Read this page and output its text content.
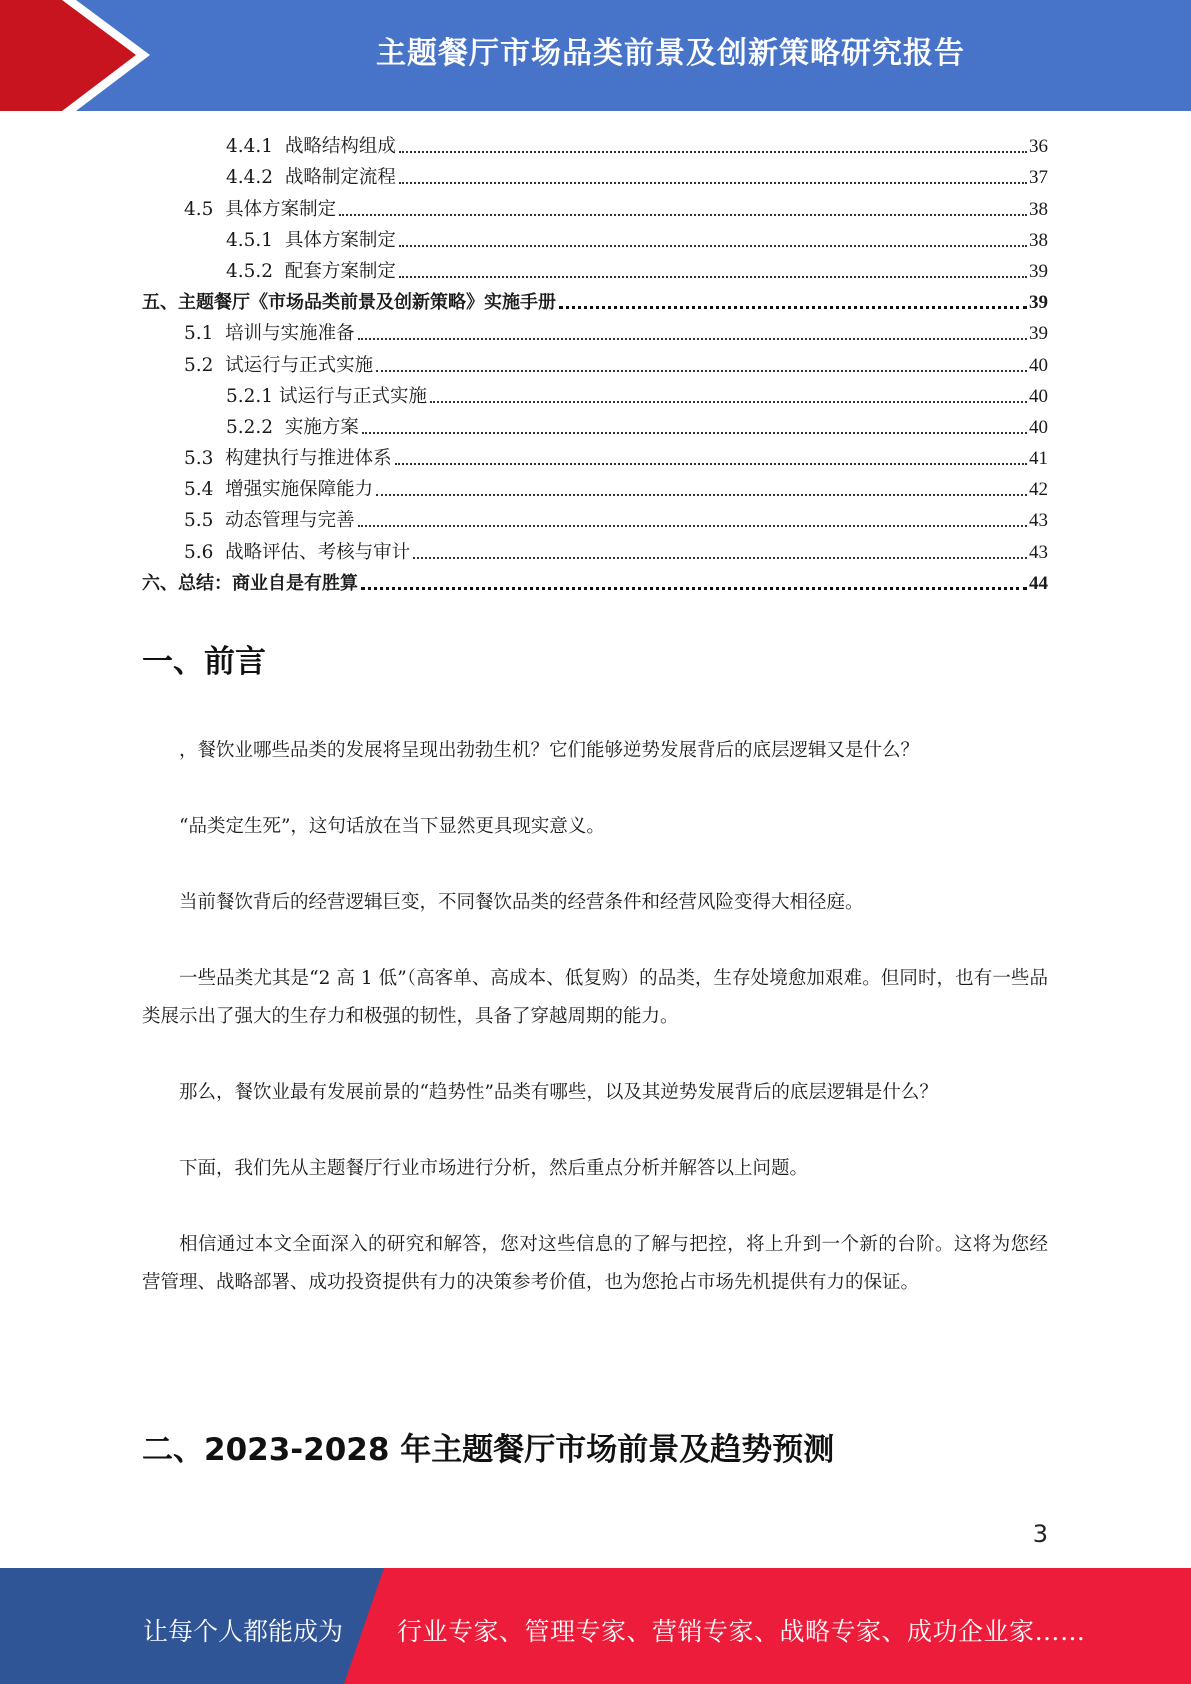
主题餐厅市场品类前景及创新策略研究报告
4.4.1  战略结构组成	36
4.4.2  战略制定流程	37
4.5  具体方案制定	38
4.5.1  具体方案制定	38
4.5.2  配套方案制定	39
五、主题餐厅《市场品类前景及创新策略》实施手册	39
5.1  培训与实施准备	39
5.2  试运行与正式实施	40
5.2.1 试运行与正式实施	40
5.2.2  实施方案	40
5.3  构建执行与推进体系	41
5.4  增强实施保障能力	42
5.5  动态管理与完善	43
5.6  战略评估、考核与审计	43
六、总结：商业自是有胜算	44
一、前言

，餐饮业哪些品类的发展将呈现出勃勃生机？它们能够逆势发展背后的底层逻辑又是什么？

“品类定生死”，这句话放在当下显然更具现实意义。

当前餐饮背后的经营逻辑巨变，不同餐饮品类的经营条件和经营风险变得大相径庭。

一些品类尤其是“2 高 1 低”（高客单、高成本、低复购）的品类，生存处境愈加艰难。但同时，也有一些品类展示出了强大的生存力和极强的韧性，具备了穿越周期的能力。

那么，餐饮业最有发展前景的“趋势性”品类有哪些，以及其逆势发展背后的底层逻辑是什么？

下面，我们先从主题餐厅行业市场进行分析，然后重点分析并解答以上问题。

相信通过本文全面深入的研究和解答，您对这些信息的了解与把控，将上升到一个新的台阶。这将为您经营管理、战略部署、成功投资提供有力的决策参考价值，也为您抢占市场先机提供有力的保证。

二、2023-2028 年主题餐厅市场前景及趋势预测
3
让每个人都能成为 行业专家、管理专家、营销专家、战略专家、成功企业家……
